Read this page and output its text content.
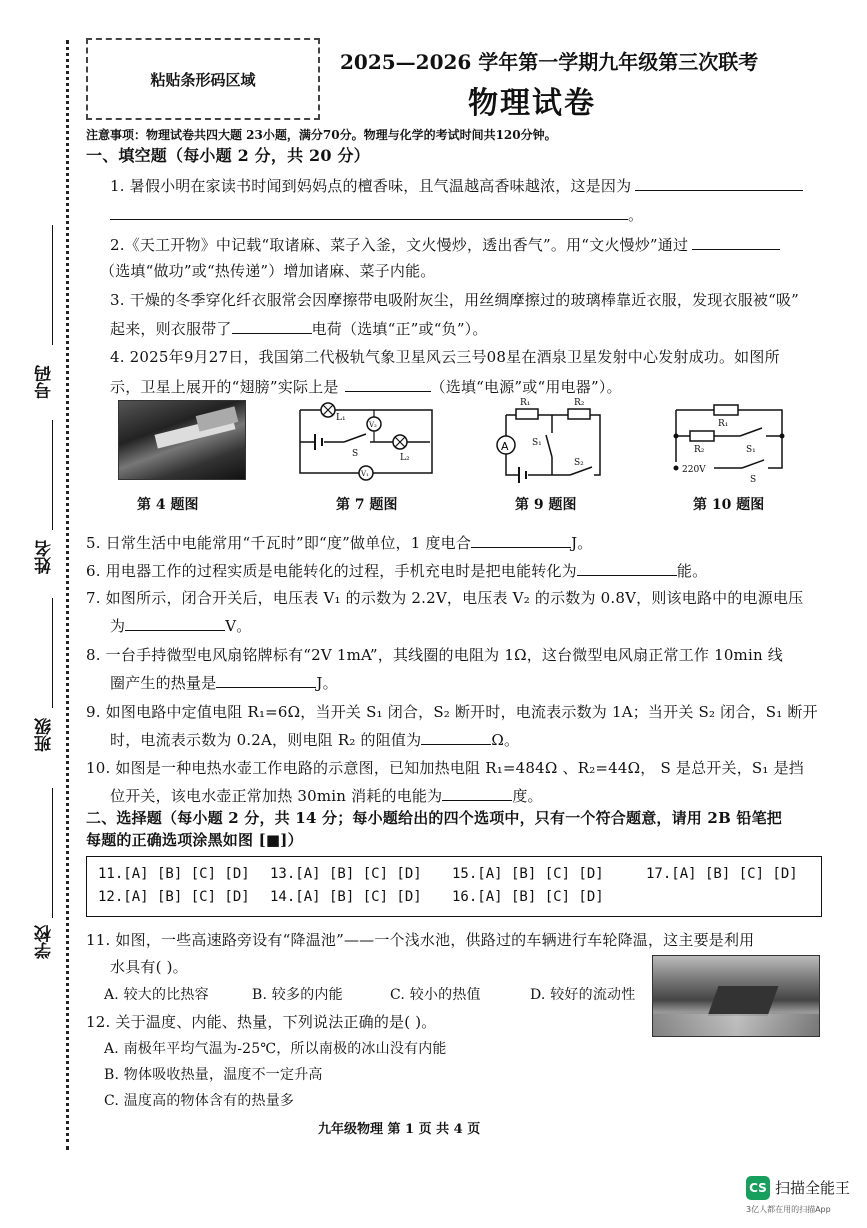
号码
姓名
班级
学校
粘贴条形码区域
2025—2026 学年第一学期九年级第三次联考
物理试卷
注意事项：物理试卷共四大题 23小题，满分70分。物理与化学的考试时间共120分钟。
一、填空题（每小题 2 分，共 20 分）
1. 暑假小明在家读书时闻到妈妈点的檀香味，且气温越高香味越浓，这是因为
。
2.《天工开物》中记载“取诸麻、菜子入釜，文火慢炒，透出香气”。用“文火慢炒”通过
（选填“做功”或“热传递”）增加诸麻、菜子内能。
3. 干燥的冬季穿化纤衣服常会因摩擦带电吸附灰尘，用丝绸摩擦过的玻璃棒靠近衣服，发现衣服被“吸”
起来，则衣服带了	电荷（选填“正”或“负”）。
4. 2025年9月27日，我国第二代极轨气象卫星风云三号08星在酒泉卫星发射中心发射成功。如图所
示，卫星上展开的“翅膀”实际上是	（选填“电源”或“用电器”）。
L₁
V₂
S	L₂
V₁
A
R₁	R₂
S₁
S₂
R₁
R₂	S₁
220V
S
第 4 题图	第 7 题图	第 9 题图	第 10 题图
5. 日常生活中电能常用“千瓦时”即“度”做单位，1 度电合	J。
6. 用电器工作的过程实质是电能转化的过程，手机充电时是把电能转化为	能。
7. 如图所示，闭合开关后，电压表 V₁ 的示数为 2.2V，电压表 V₂ 的示数为 0.8V，则该电路中的电源电压
为	V。
8. 一台手持微型电风扇铭牌标有“2V 1mA”，其线圈的电阻为 1Ω，这台微型电风扇正常工作 10min 线
圈产生的热量是	J。
9. 如图电路中定值电阻 R₁=6Ω，当开关 S₁ 闭合，S₂ 断开时，电流表示数为 1A；当开关 S₂ 闭合，S₁ 断开
时，电流表示数为 0.2A，则电阻 R₂ 的阻值为	Ω。
10. 如图是一种电热水壶工作电路的示意图，已知加热电阻 R₁=484Ω 、R₂=44Ω， S 是总开关，S₁ 是挡
位开关，该电水壶正常加热 30min 消耗的电能为	度。
二、选择题（每小题 2 分，共 14 分；每小题给出的四个选项中，只有一个符合题意，请用 2B 铅笔把
每题的正确选项涂黑如图 [■]）
11.[A] [B] [C] [D] 13.[A] [B] [C] [D] 15.[A] [B] [C] [D]	17.[A] [B] [C] [D]
12.[A] [B] [C] [D] 14.[A] [B] [C] [D] 16.[A] [B] [C] [D]
11. 如图，一些高速路旁设有“降温池”——一个浅水池，供路过的车辆进行车轮降温，这主要是利用
水具有( )。
A. 较大的比热容	B. 较多的内能	C. 较小的热值	D. 较好的流动性
12. 关于温度、内能、热量，下列说法正确的是( )。
A. 南极年平均气温为-25℃，所以南极的冰山没有内能
B. 物体吸收热量，温度不一定升高
C. 温度高的物体含有的热量多
九年级物理 第 1 页 共 4 页
CS 扫描全能王
3亿人都在用的扫描App
